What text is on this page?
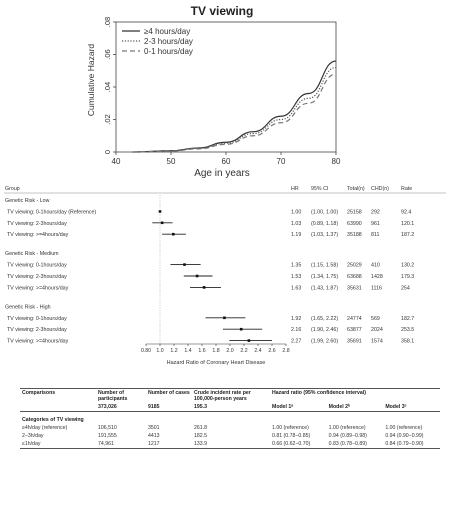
TV viewing
Cumulative Hazard
Age in years
40	50	60	70	80
0
.02
.04
.06
.08
≥4 hours/day
2-3 hours/day
0-1 hours/day
Group	HR 95% CI	Total(n) CHD(n) Rate
Genetic Risk - Low
TV viewing: 0-1hours/day (Reference)	1.00 (1.00, 1.00) 25158 292	92.4
TV viewing: 2-3hours/day	1.03 (0.89, 1.18) 63990 961	120.1
TV viewing: >=4hours/day	1.19 (1.03, 1.37) 35188 811	187.2
Genetic Risk - Medium
TV viewing: 0-1hours/day	1.35 (1.15, 1.58) 25029 410	130.2
TV viewing: 2-3hours/day	1.53 (1.34, 1.75) 63688 1428	179.3
TV viewing: >=4hours/day	1.63 (1.43, 1.87) 35631 1116	254
Genetic Risk - High
TV viewing: 0-1hours/day	1.92 (1.65, 2.22) 24774 569	182.7
TV viewing: 2-3hours/day	2.16 (1.90, 2.46) 63877 2024	253.5
TV viewing: >=4hours/day	2.27 (1.99, 2.60) 35691 1574	358.1
0.80 1.0 1.2 1.4 1.6 1.8 2.0 2.2 2.4 2.6 2.8
Hazard Ratio of Coronary Heart Disease
Comparisons	Number of participants	Number of cases	Crude incident rate per 100,000-person years	Hazard ratio (95% confidence interval)		
	373,026	9185	195.3	Model 1ᵃ	Model 2ᵇ	Model 3ᶜ
Categories of TV viewing						
≥4h/day (reference)	106,510	3501	261.8	1.00 (reference)	1.00 (reference)	1.00 (reference)
2−3h/day	191,555	4413	182.5	0.81 (0.78−0.85)	0.94 (0.89−0.98)	0.94 (0.90−0.99)
≤1h/day	74,961	1217	133.9	0.66 (0.62−0.70)	0.83 (0.78−0.89)	0.84 (0.79−0.90)
